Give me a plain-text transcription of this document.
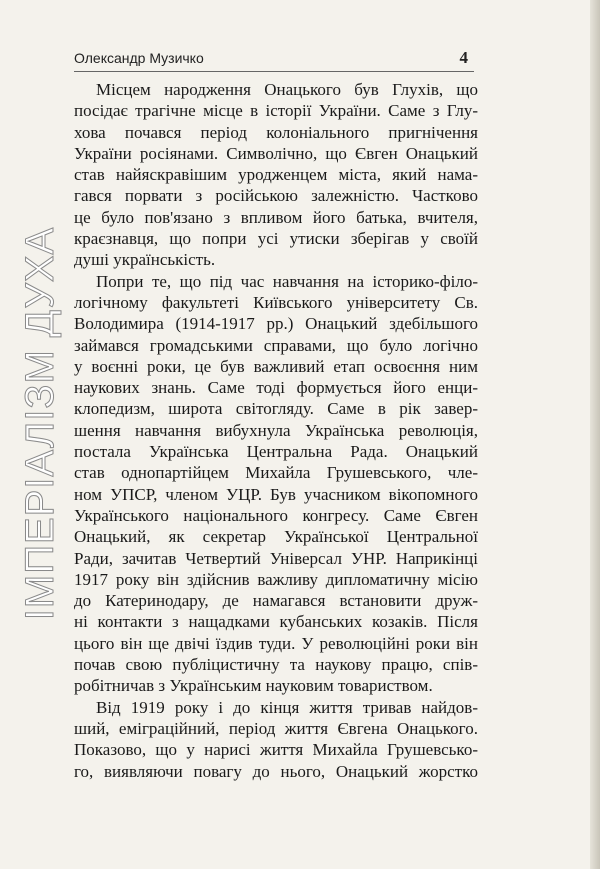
Олександр Музичко	4
ІМПЕРІАЛІЗМ ДУХА
Місцем народження Онацького був Глухів, що
посідає трагічне місце в історії України. Саме з Глу-
хова почався період колоніального пригнічення
України росіянами. Символічно, що Євген Онацький
став найяскравішим уродженцем міста, який нама-
гався порвати з російською залежністю. Частково
це було пов'язано з впливом його батька, вчителя,
краєзнавця, що попри усі утиски зберігав у своїй
душі українськість.
Попри те, що під час навчання на історико-філо-
логічному факультеті Київського університету Св.
Володимира (1914-1917 рр.) Онацький здебільшого
займався громадськими справами, що було логічно
у воєнні роки, це був важливий етап освоєння ним
наукових знань. Саме тоді формується його енци-
клопедизм, широта світогляду. Саме в рік завер-
шення навчання вибухнула Українська революція,
постала Українська Центральна Рада. Онацький
став однопартійцем Михайла Грушевського, чле-
ном УПСР, членом УЦР. Був учасником вікопомного
Українського національного конгресу. Саме Євген
Онацький, як секретар Української Центральної
Ради, зачитав Четвертий Універсал УНР. Наприкінці
1917 року він здійснив важливу дипломатичну місію
до Катеринодару, де намагався встановити друж-
ні контакти з нащадками кубанських козаків. Після
цього він ще двічі їздив туди. У революційні роки він
почав свою публіцистичну та наукову працю, спів-
робітничав з Українським науковим товариством.
Від 1919 року і до кінця життя тривав найдов-
ший, еміграційний, період життя Євгена Онацького.
Показово, що у нарисі життя Михайла Грушевсько-
го, виявляючи повагу до нього, Онацький жорстко
